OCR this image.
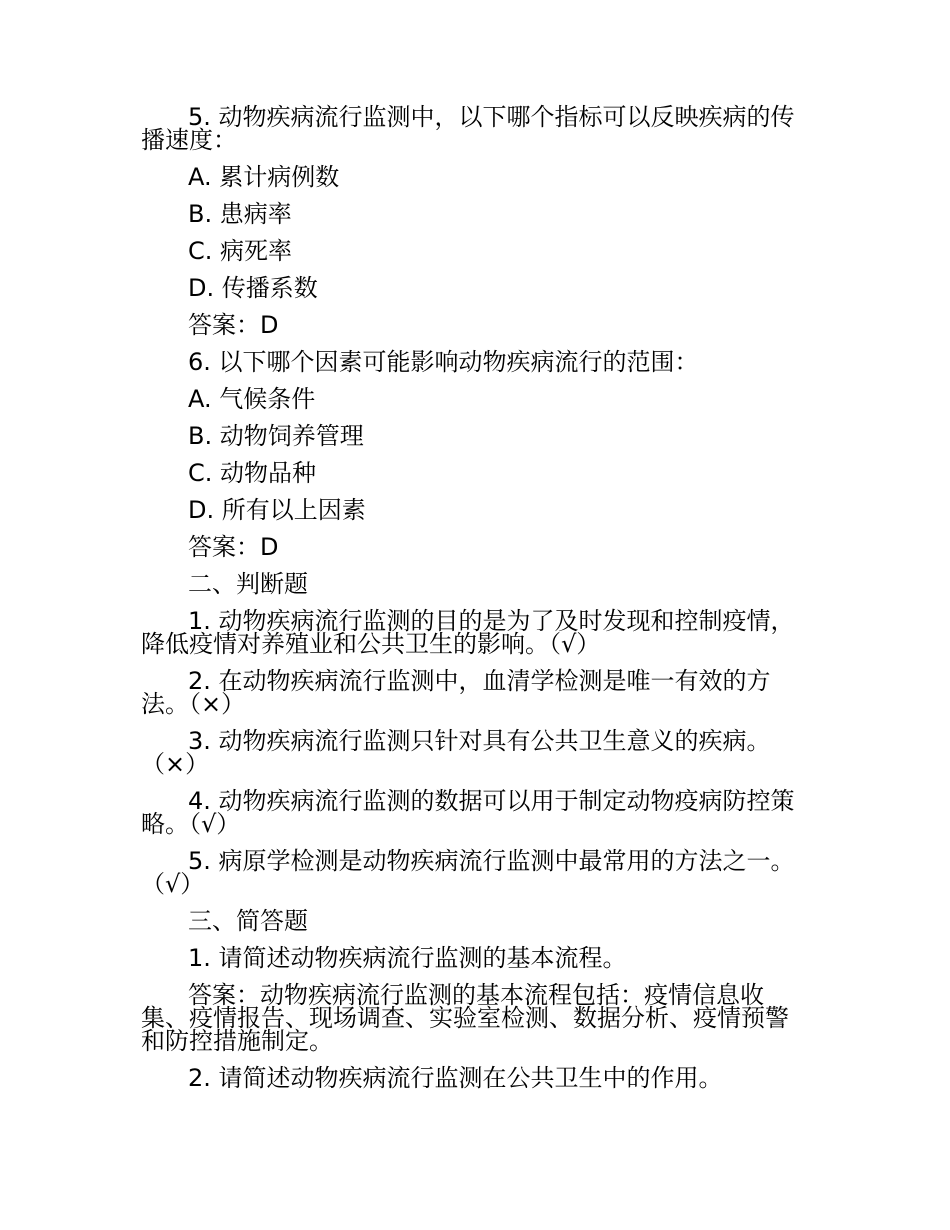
5. 动物疾病流行监测中，以下哪个指标可以反映疾病的传播速度：

A. 累计病例数

B. 患病率

C. 病死率

D. 传播系数

答案：D

6. 以下哪个因素可能影响动物疾病流行的范围：

A. 气候条件

B. 动物饲养管理

C. 动物品种

D. 所有以上因素

答案：D

二、判断题

1. 动物疾病流行监测的目的是为了及时发现和控制疫情，降低疫情对养殖业和公共卫生的影响。（√）

2. 在动物疾病流行监测中，血清学检测是唯一有效的方法。（×）

3. 动物疾病流行监测只针对具有公共卫生意义的疾病。（×）

4. 动物疾病流行监测的数据可以用于制定动物疫病防控策略。（√）

5. 病原学检测是动物疾病流行监测中最常用的方法之一。（√）

三、简答题

1. 请简述动物疾病流行监测的基本流程。

答案：动物疾病流行监测的基本流程包括：疫情信息收集、疫情报告、现场调查、实验室检测、数据分析、疫情预警和防控措施制定。

2. 请简述动物疾病流行监测在公共卫生中的作用。
